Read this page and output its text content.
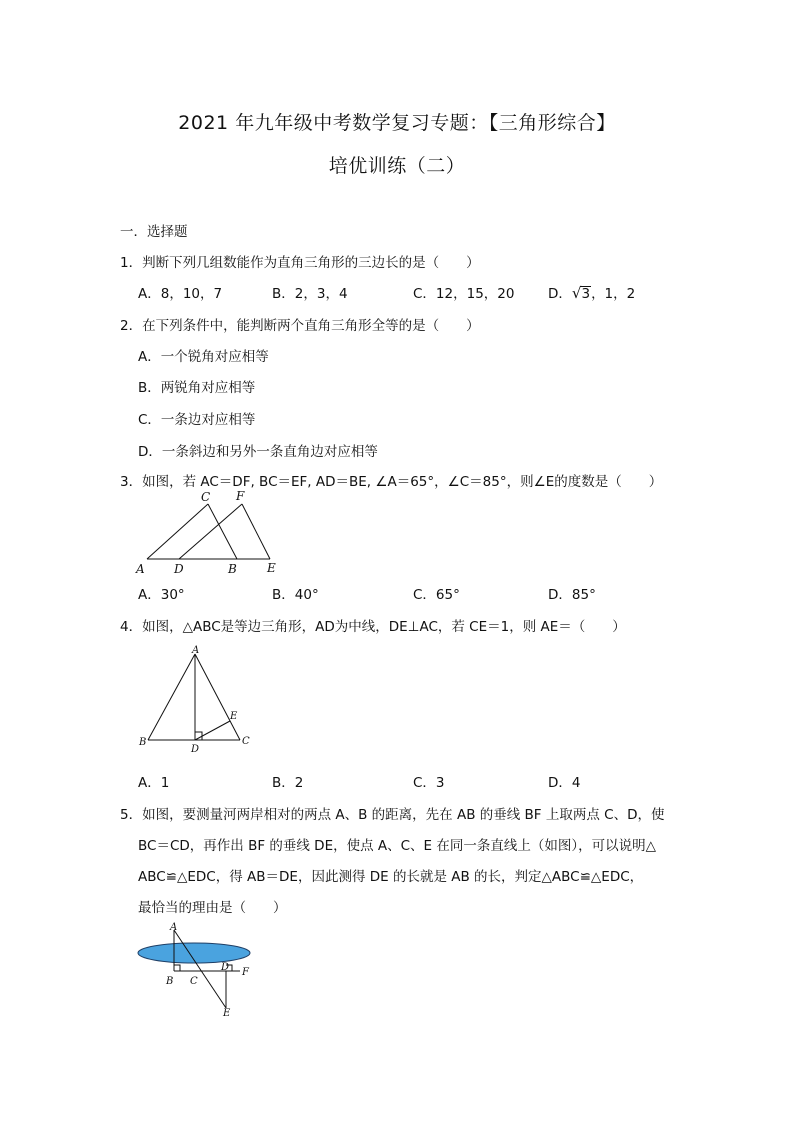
2021 年九年级中考数学复习专题：【三角形综合】
培优训练（二）
一．选择题
1．判断下列几组数能作为直角三角形的三边长的是（　　）
A．8，10，7	B．2，3，4	C．12，15，20 D．√3，1，2
2．在下列条件中，能判断两个直角三角形全等的是（　　）
A．一个锐角对应相等
B．两锐角对应相等
C．一条边对应相等
D．一条斜边和另外一条直角边对应相等
3．如图，若 AC＝DF, BC＝EF, AD＝BE, ∠A＝65°，∠C＝85°，则∠E的度数是（　　）
A D	B	E
C F
A．30°	B．40°	C．65°	D．85°
4．如图，△ABC是等边三角形，AD为中线，DE⊥AC，若 CE＝1，则 AE＝（　　）
A
B	C
D
E
A．1	B．2	C．3	D．4
5．如图，要测量河两岸相对的两点 A、B 的距离，先在 AB 的垂线 BF 上取两点 C、D，使
BC＝CD，再作出 BF 的垂线 DE，使点 A、C、E 在同一条直线上（如图），可以说明△
ABC≌△EDC，得 AB＝DE，因此测得 DE 的长就是 AB 的长，判定△ABC≌△EDC，
最恰当的理由是（　　）
A
B C
D F
E
